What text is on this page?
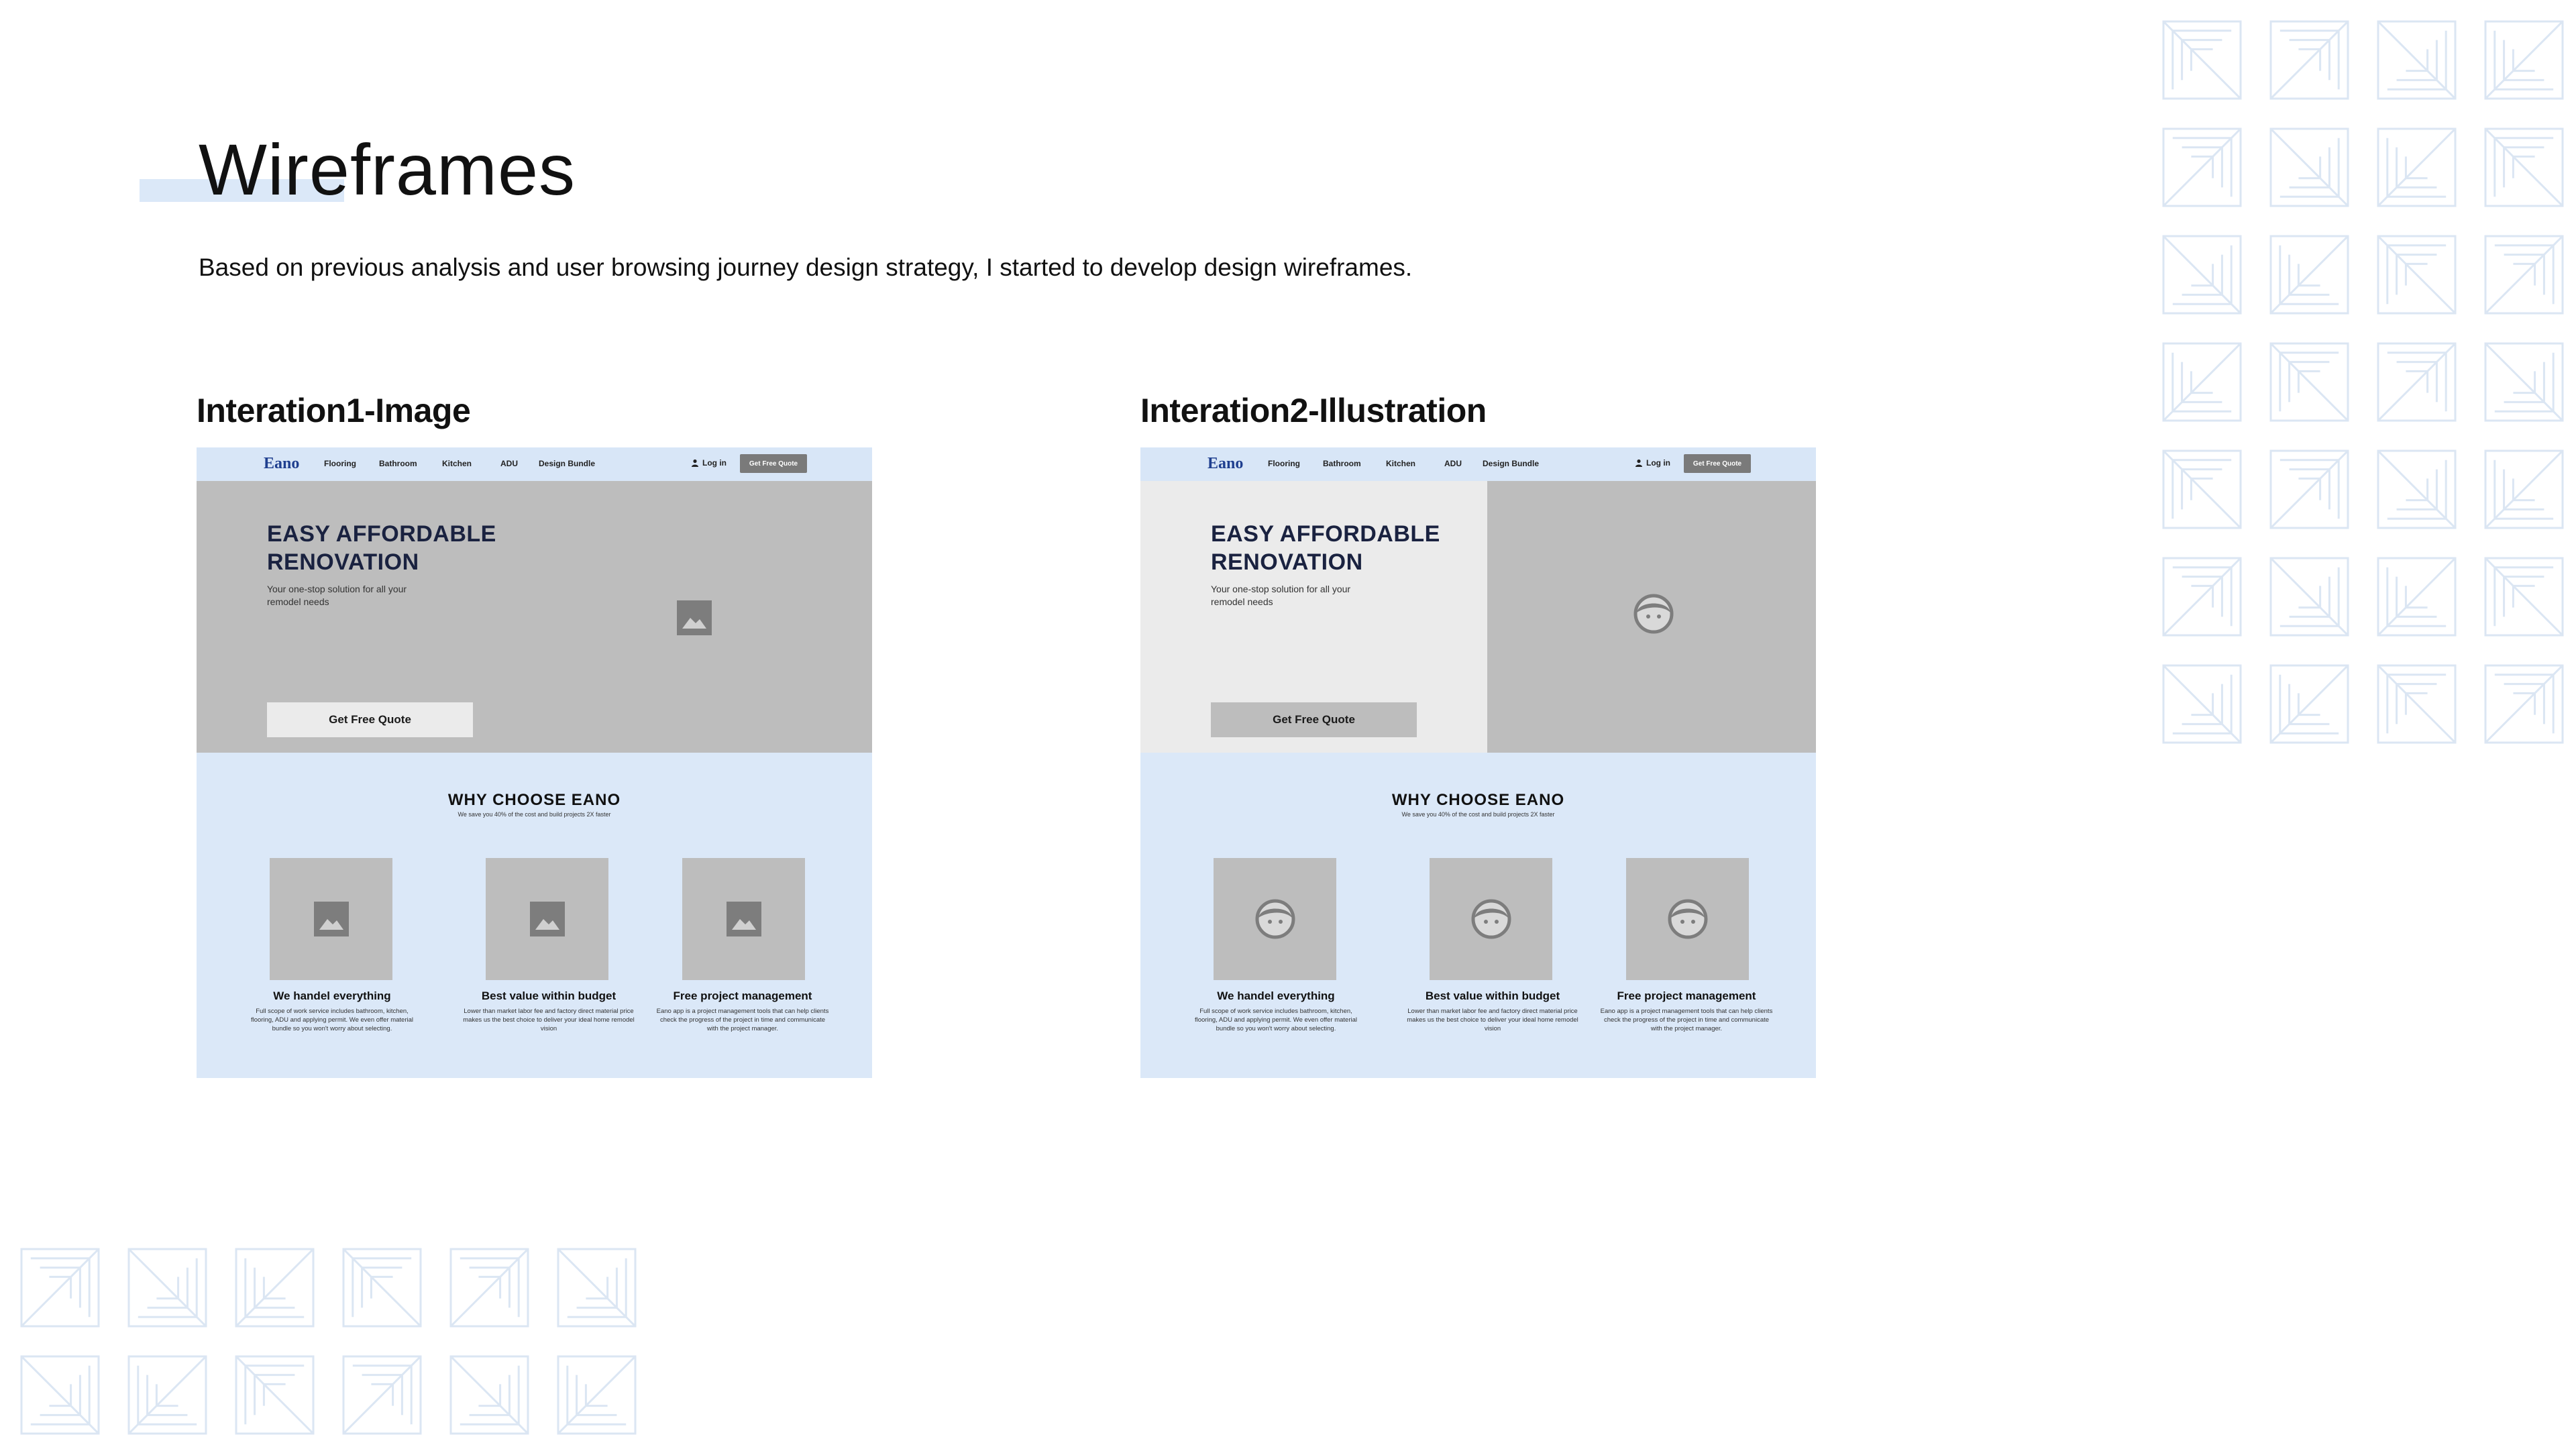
Wireframes

Based on previous analysis and user browsing journey design strategy, I started to develop design wireframes.

Interation1-Image	Interation2-Illustration
Eano	Flooring	Bathroom	Kitchen	ADU	Design Bundle	Log in	Get Free Quote
EASY AFFORDABLE RENOVATION
Your one-stop solution for all your remodel needs
Get Free Quote
WHY CHOOSE EANO
We save you 40% of the cost and build projects 2X faster
We handel everything
Full scope of work service includes bathroom, kitchen, flooring, ADU and applying permit. We even offer material bundle so you won't worry about selecting.
Best value within budget
Lower than market labor fee and factory direct material price makes us the best choice to deliver your ideal home remodel vision
Free project management
Eano app is a project management tools that can help clients check the progress of the project in time and communicate with the project manager.
Eano	Flooring	Bathroom	Kitchen	ADU	Design Bundle	Log in	Get Free Quote
EASY AFFORDABLE RENOVATION
Your one-stop solution for all your remodel needs
Get Free Quote
WHY CHOOSE EANO
We save you 40% of the cost and build projects 2X faster
We handel everything
Full scope of work service includes bathroom, kitchen, flooring, ADU and applying permit. We even offer material bundle so you won't worry about selecting.
Best value within budget
Lower than market labor fee and factory direct material price makes us the best choice to deliver your ideal home remodel vision
Free project management
Eano app is a project management tools that can help clients check the progress of the project in time and communicate with the project manager.
